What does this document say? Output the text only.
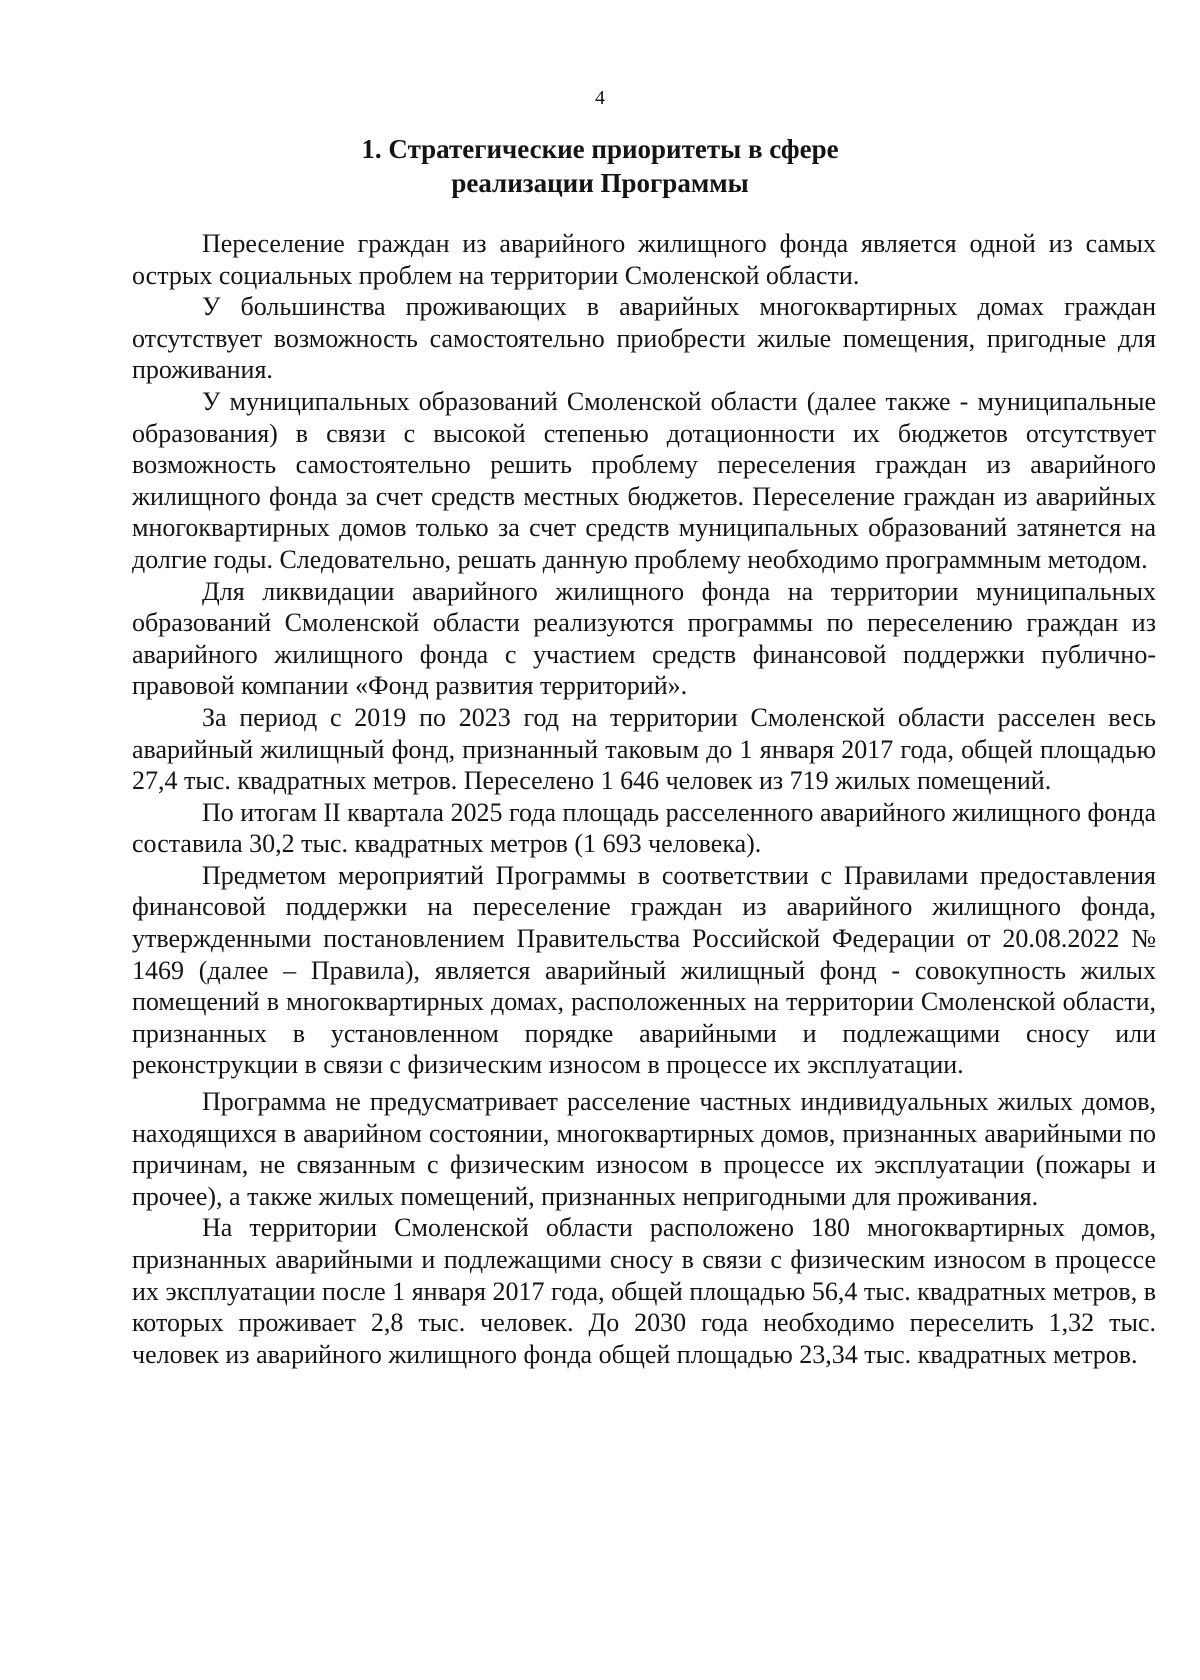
4

1. Стратегические приоритеты в сфере
реализации Программы

Переселение граждан из аварийного жилищного фонда является одной из самых острых социальных проблем на территории Смоленской области.

У большинства проживающих в аварийных многоквартирных домах граждан отсутствует возможность самостоятельно приобрести жилые помещения, пригодные для проживания.

У муниципальных образований Смоленской области (далее также - муниципальные образования) в связи с высокой степенью дотационности их бюджетов отсутствует возможность самостоятельно решить проблему переселения граждан из аварийного жилищного фонда за счет средств местных бюджетов. Переселение граждан из аварийных многоквартирных домов только за счет средств муниципальных образований затянется на долгие годы. Следовательно, решать данную проблему необходимо программным методом.

Для ликвидации аварийного жилищного фонда на территории муниципальных образований Смоленской области реализуются программы по переселению граждан из аварийного жилищного фонда с участием средств финансовой поддержки публично-правовой компании «Фонд развития территорий».

За период с 2019 по 2023 год на территории Смоленской области расселен весь аварийный жилищный фонд, признанный таковым до 1 января 2017 года, общей площадью 27,4 тыс. квадратных метров. Переселено 1 646 человек из 719 жилых помещений.

По итогам II квартала 2025 года площадь расселенного аварийного жилищного фонда составила 30,2 тыс. квадратных метров (1 693 человека).

Предметом мероприятий Программы в соответствии с Правилами предоставления финансовой поддержки на переселение граждан из аварийного жилищного фонда, утвержденными постановлением Правительства Российской Федерации от 20.08.2022 № 1469 (далее – Правила), является аварийный жилищный фонд - совокупность жилых помещений в многоквартирных домах, расположенных на территории Смоленской области, признанных в установленном порядке аварийными и подлежащими сносу или реконструкции в связи с физическим износом в процессе их эксплуатации.

Программа не предусматривает расселение частных индивидуальных жилых домов, находящихся в аварийном состоянии, многоквартирных домов, признанных аварийными по причинам, не связанным с физическим износом в процессе их эксплуатации (пожары и прочее), а также жилых помещений, признанных непригодными для проживания.

На территории Смоленской области расположено 180 многоквартирных домов, признанных аварийными и подлежащими сносу в связи с физическим износом в процессе их эксплуатации после 1 января 2017 года, общей площадью 56,4 тыс. квадратных метров, в которых проживает 2,8 тыс. человек. До 2030 года необходимо переселить 1,32 тыс. человек из аварийного жилищного фонда общей площадью 23,34 тыс. квадратных метров.
